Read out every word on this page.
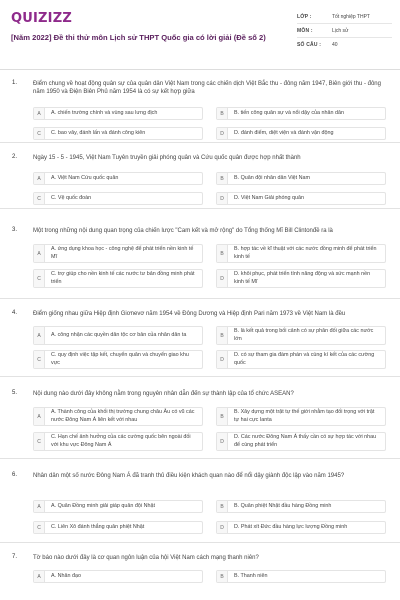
QUIZIZZ
[Năm 2022] Đề thi thử môn Lịch sử THPT Quốc gia có lời giải (Đề số 2)
LỚP :	Tốt nghiệp THPT
MÔN :	Lịch sử
SỐ CÂU :	40
1.	Điểm chung về hoạt động quân sự của quân dân Việt Nam trong các chiến dịch Việt Bắc thu - đông năm 1947, Biên giới thu - đông năm 1950 và Điện Biên Phủ năm 1954 là có sự kết hợp giữa
A	A. chiến trường chính và vùng sau lưng địch	B	B. tiến công quân sự và nổi dậy của nhân dân
C	C. bao vây, đánh lấn và đánh công kiên	D	D. đánh điểm, diệt viện và đánh vận động
2.	Ngày 15 - 5 - 1945, Việt Nam Tuyên truyền giải phóng quân và Cứu quốc quân được hợp nhất thành
A	A. Việt Nam Cứu quốc quân	B	B. Quân đội nhân dân Việt Nam
C	C. Vệ quốc đoàn	D	D. Việt Nam Giải phóng quân
3.	Một trong những nội dung quan trọng của chiến lược "Cam kết và mở rộng" do Tổng thống Mĩ Bill Clintonđề ra là
A
A. ứng dụng khoa học - công nghệ để phát triển nền kinh tế Mĩ	B
B. hợp tác về kĩ thuật với các nước đồng minh để phát triển kinh tế
C
C. trợ giúp cho nền kinh tế các nước tư bản đồng minh phát triển	D
D. khôi phục, phát triển tính năng động và sức mạnh nền kinh tế Mĩ
4.	Điểm giống nhau giữa Hiệp định Giơnevơ năm 1954 về Đông Dương và Hiệp định Pari năm 1973 về Việt Nam là đều
A	A. công nhận các quyền dân tộc cơ bản của nhân dân ta	B
B. là kết quả trong bối cảnh có sự phân đối giữa các nước lớn
C
C. quy định việc tập kết, chuyển quân và chuyển giao khu vực	D
D. có sự tham gia đàm phán và cùng kí kết của các cường quốc
5.	Nội dung nào dưới đây không nằm trong nguyên nhân dẫn đến sự thành lập của tổ chức ASEAN?
A
A. Thành công của khối thị trường chung châu Âu có vũ các nước Đông Nam Á liên kết với nhau	B
B. Xây dựng một trật tự thế giới nhằm tạo đối trọng với trật tự hai cực Ianta
C
C. Hạn chế ảnh hưởng của các cường quốc bên ngoài đối với khu vực Đông Nam Á	D
D. Các nước Đông Nam Á thấy cần có sự hợp tác với nhau để cùng phát triển
6.	Nhân dân một số nước Đông Nam Á đã tranh thủ điều kiện khách quan nào để nổi dậy giành độc lập vào năm 1945?
A	A. Quân Đồng minh giải giáp quân đội Nhật	B	B. Quân phiệt Nhật đầu hàng Đồng minh
C	C. Liên Xô đánh thắng quân phiệt Nhật	D	D. Phát xít Đức đầu hàng lực lượng Đồng minh
7.	Tờ báo nào dưới đây là cơ quan ngôn luận của hội Việt Nam cách mạng thanh niên?
A	A. Nhân đạo	B	B. Thanh niên
